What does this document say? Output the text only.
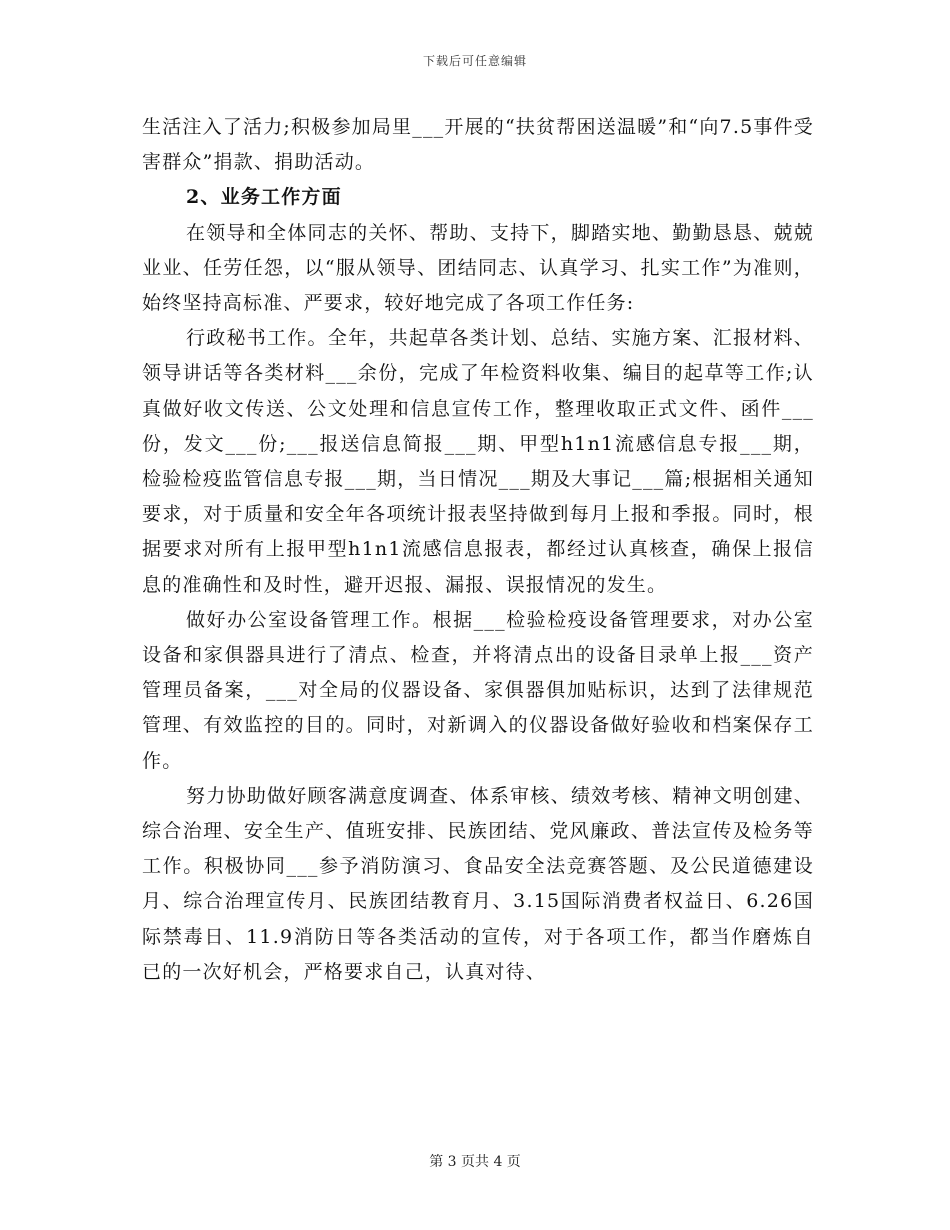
下载后可任意编辑

生活注入了活力;积极参加局里___开展的“扶贫帮困送温暖”和“向7.5事件受害群众”捐款、捐助活动。

2、业务工作方面

在领导和全体同志的关怀、帮助、支持下，脚踏实地、勤勤恳恳、兢兢业业、任劳任怨，以“服从领导、团结同志、认真学习、扎实工作”为准则，始终坚持高标准、严要求，较好地完成了各项工作任务:

行政秘书工作。全年，共起草各类计划、总结、实施方案、汇报材料、领导讲话等各类材料___余份，完成了年检资料收集、编目的起草等工作;认真做好收文传送、公文处理和信息宣传工作，整理收取正式文件、函件___份，发文___份;___报送信息简报___期、甲型h1n1流感信息专报___期，检验检疫监管信息专报___期，当日情况___期及大事记___篇;根据相关通知要求，对于质量和安全年各项统计报表坚持做到每月上报和季报。同时，根据要求对所有上报甲型h1n1流感信息报表，都经过认真核查，确保上报信息的准确性和及时性，避开迟报、漏报、误报情况的发生。

做好办公室设备管理工作。根据___检验检疫设备管理要求，对办公室设备和家俱器具进行了清点、检查，并将清点出的设备目录单上报___资产管理员备案，___对全局的仪器设备、家俱器俱加贴标识，达到了法律规范管理、有效监控的目的。同时，对新调入的仪器设备做好验收和档案保存工作。

努力协助做好顾客满意度调查、体系审核、绩效考核、精神文明创建、综合治理、安全生产、值班安排、民族团结、党风廉政、普法宣传及检务等工作。积极协同___参予消防演习、食品安全法竞赛答题、及公民道德建设月、综合治理宣传月、民族团结教育月、3.15国际消费者权益日、6.26国际禁毒日、11.9消防日等各类活动的宣传，对于各项工作，都当作磨炼自已的一次好机会，严格要求自己，认真对待、

第 3 页共 4 页
